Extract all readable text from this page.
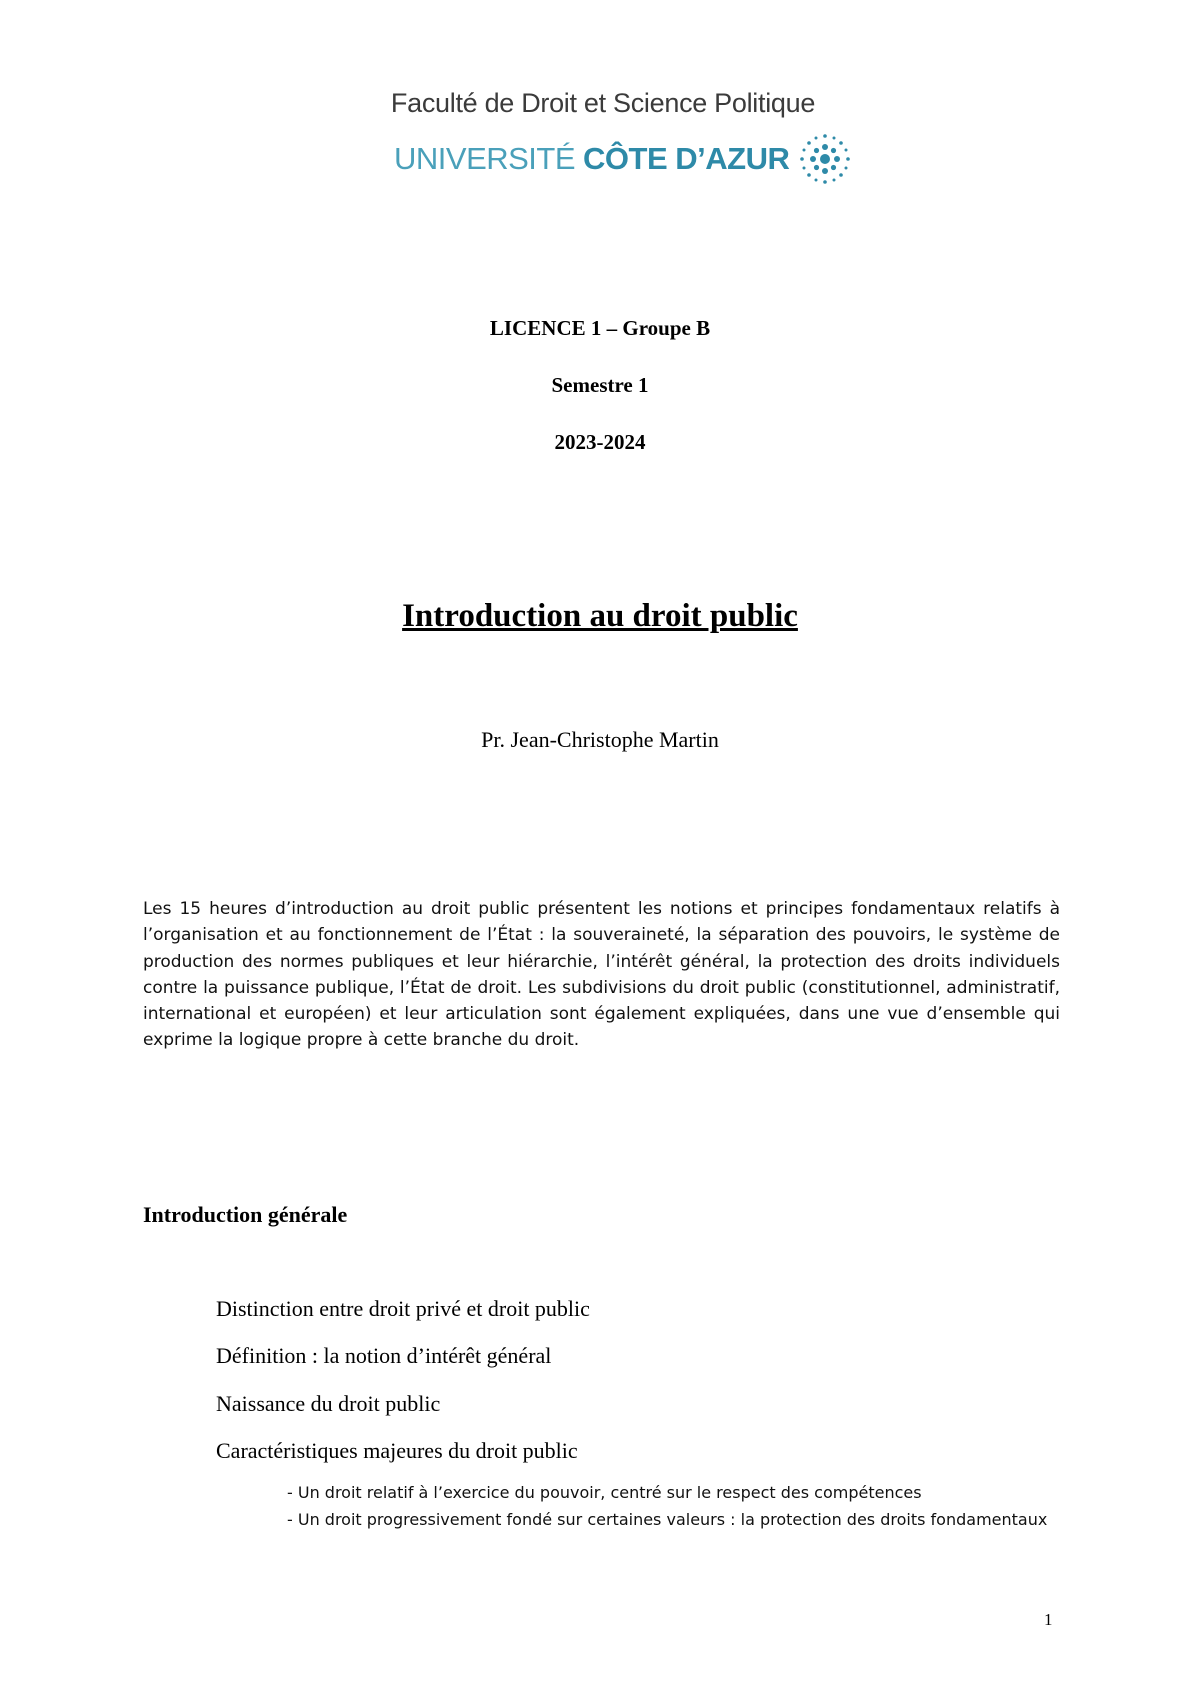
Faculté de Droit et Science Politique
UNIVERSITÉ CÔTE D’AZUR
LICENCE 1 – Groupe B
Semestre 1
2023-2024
Introduction au droit public
Pr. Jean-Christophe Martin
Les 15 heures d’introduction au droit public présentent les notions et principes fondamentaux relatifs à l’organisation et au fonctionnement de l’État : la souveraineté, la séparation des pouvoirs, le système de production des normes publiques et leur hiérarchie, l’intérêt général, la protection des droits individuels contre la puissance publique, l’État de droit. Les subdivisions du droit public (constitutionnel, administratif, international et européen) et leur articulation sont également expliquées, dans une vue d’ensemble qui exprime la logique propre à cette branche du droit.
Introduction générale
Distinction entre droit privé et droit public
Définition : la notion d’intérêt général
Naissance du droit public
Caractéristiques majeures du droit public
- Un droit relatif à l’exercice du pouvoir, centré sur le respect des compétences
- Un droit progressivement fondé sur certaines valeurs : la protection des droits fondamentaux
1
